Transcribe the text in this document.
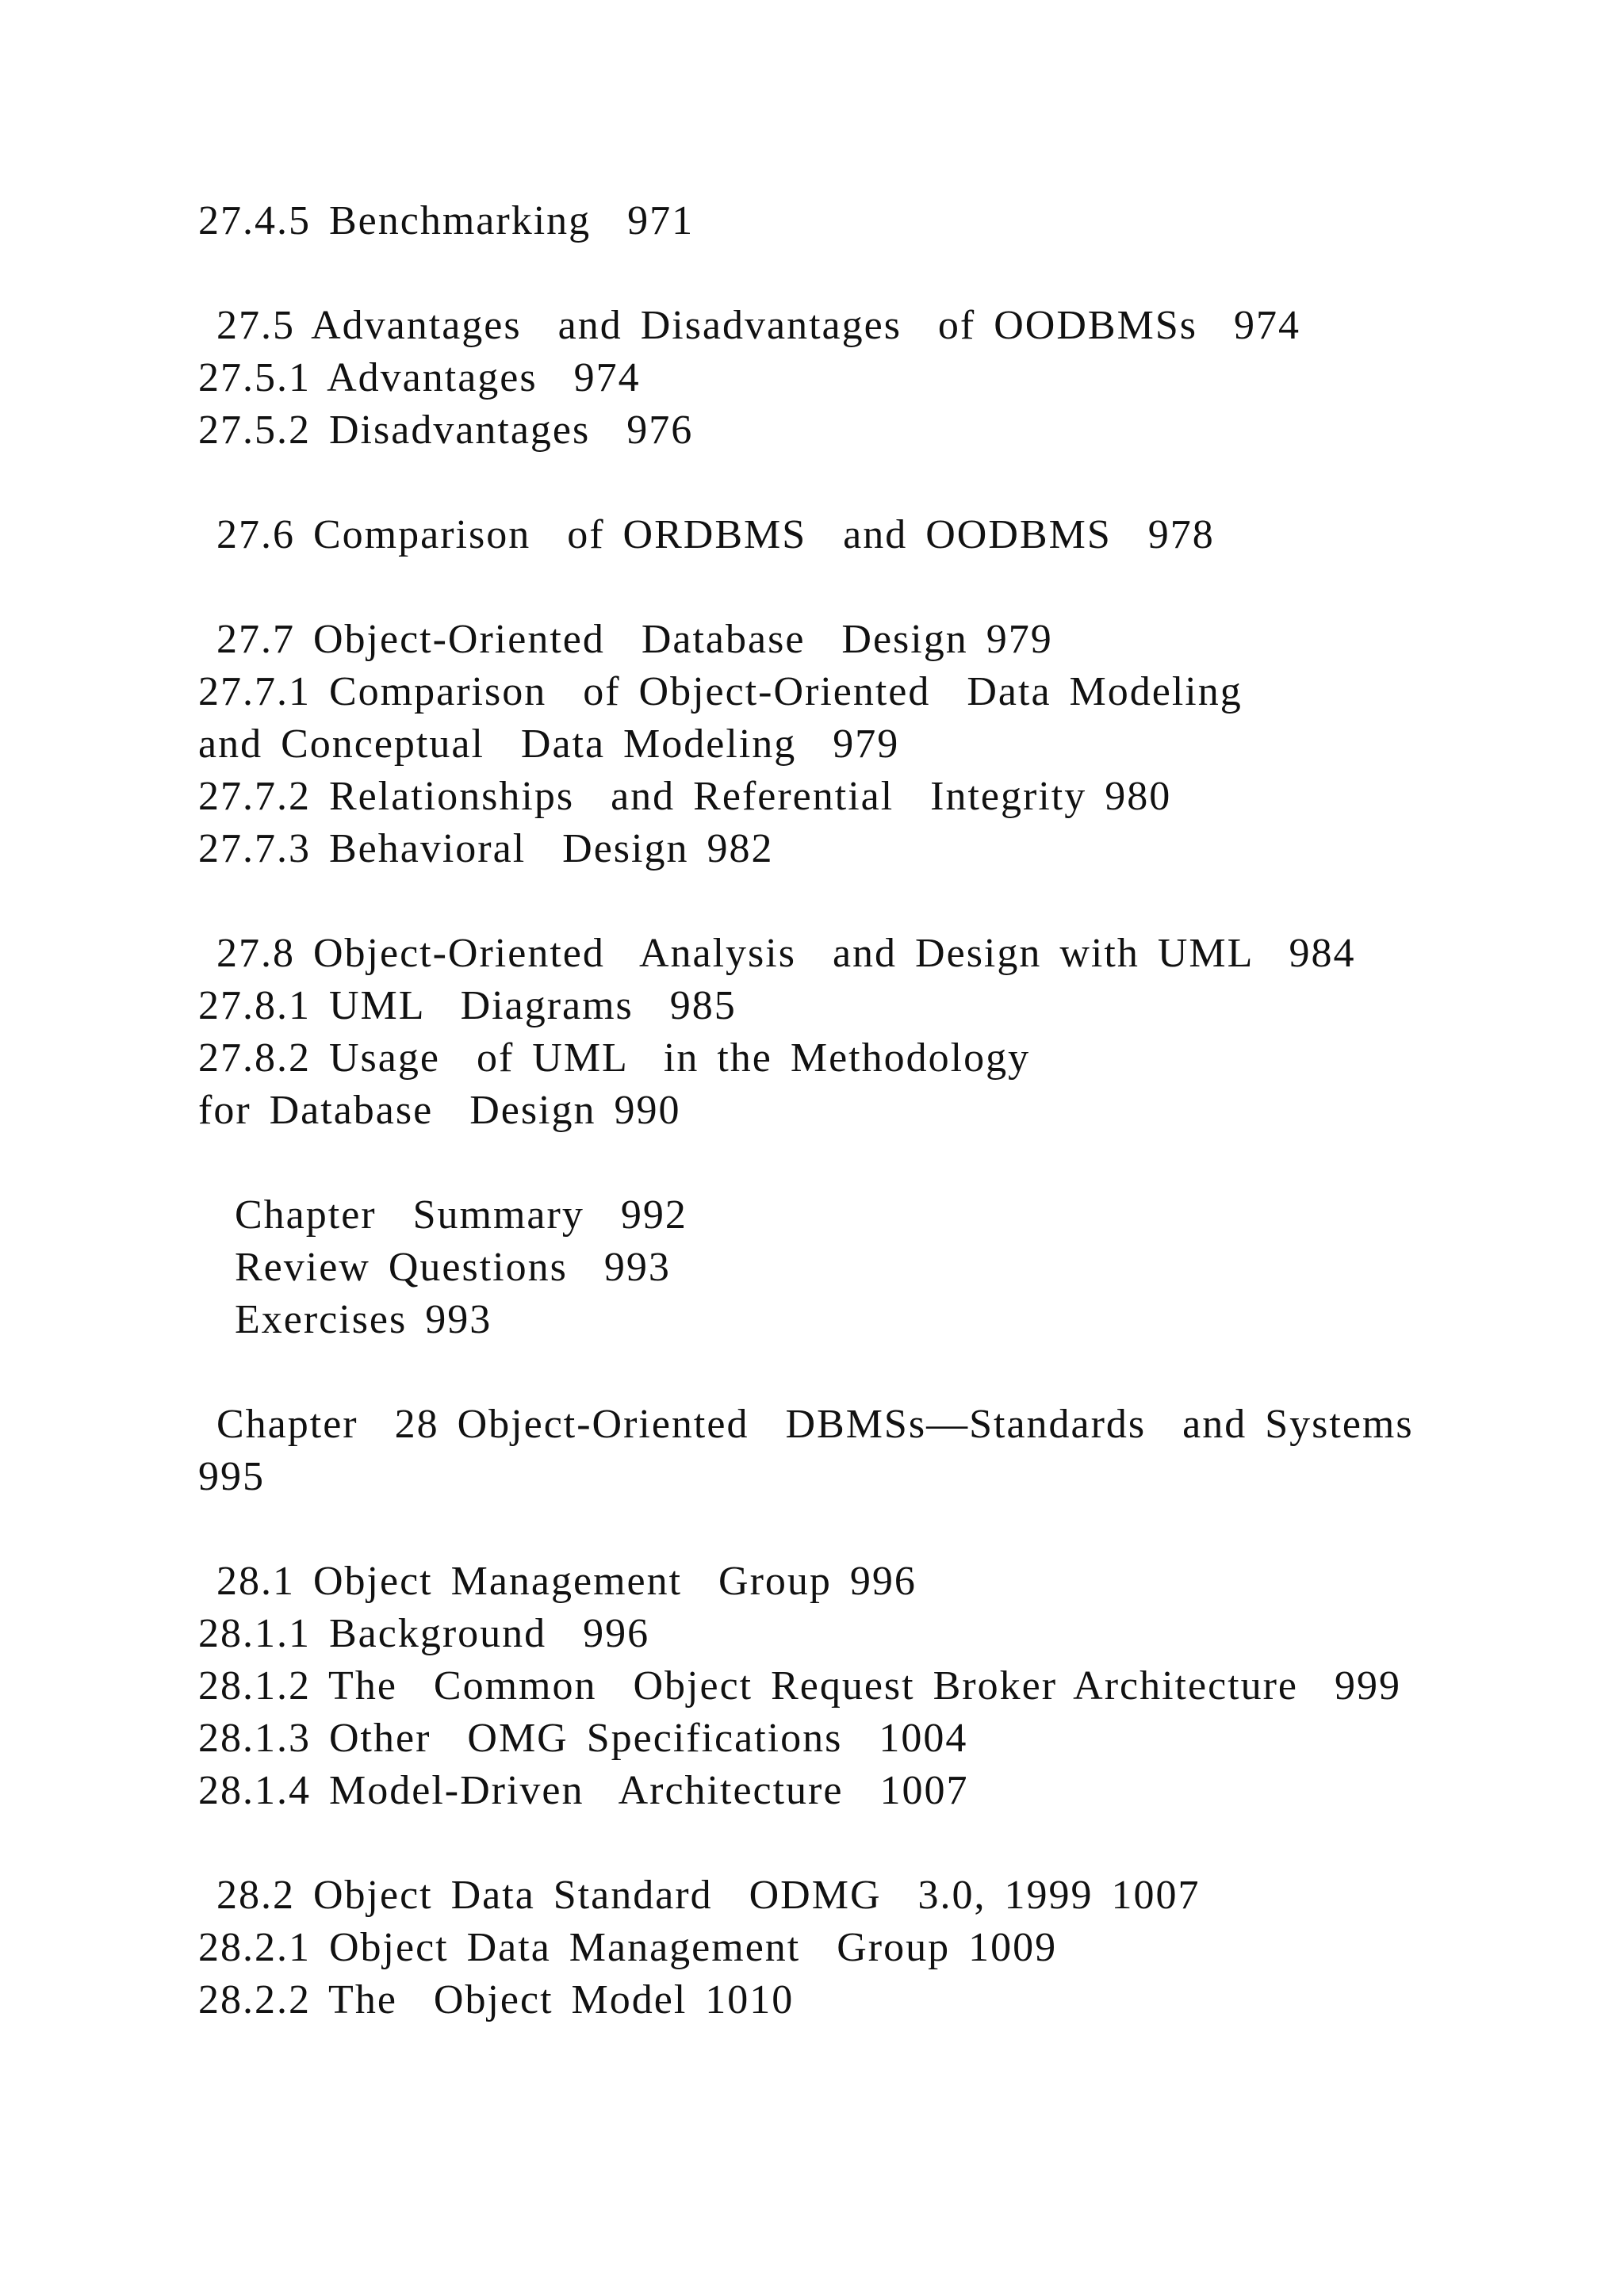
27.4.5 Benchmarking  971
27.5 Advantages  and Disadvantages  of OODBMSs  974
27.5.1 Advantages  974
27.5.2 Disadvantages  976
27.6 Comparison  of ORDBMS  and OODBMS  978
27.7 Object-Oriented  Database  Design 979
27.7.1 Comparison  of Object-Oriented  Data Modeling
and Conceptual  Data Modeling  979
27.7.2 Relationships  and Referential  Integrity 980
27.7.3 Behavioral  Design 982
27.8 Object-Oriented  Analysis  and Design with UML  984
27.8.1 UML  Diagrams  985
27.8.2 Usage  of UML  in the Methodology
for Database  Design 990
Chapter  Summary  992
Review Questions  993
Exercises 993
Chapter  28 Object-Oriented  DBMSs—Standards  and Systems
995
28.1 Object Management  Group 996
28.1.1 Background  996
28.1.2 The  Common  Object Request Broker Architecture  999
28.1.3 Other  OMG Specifications  1004
28.1.4 Model-Driven  Architecture  1007
28.2 Object Data Standard  ODMG  3.0, 1999 1007
28.2.1 Object Data Management  Group 1009
28.2.2 The  Object Model 1010
